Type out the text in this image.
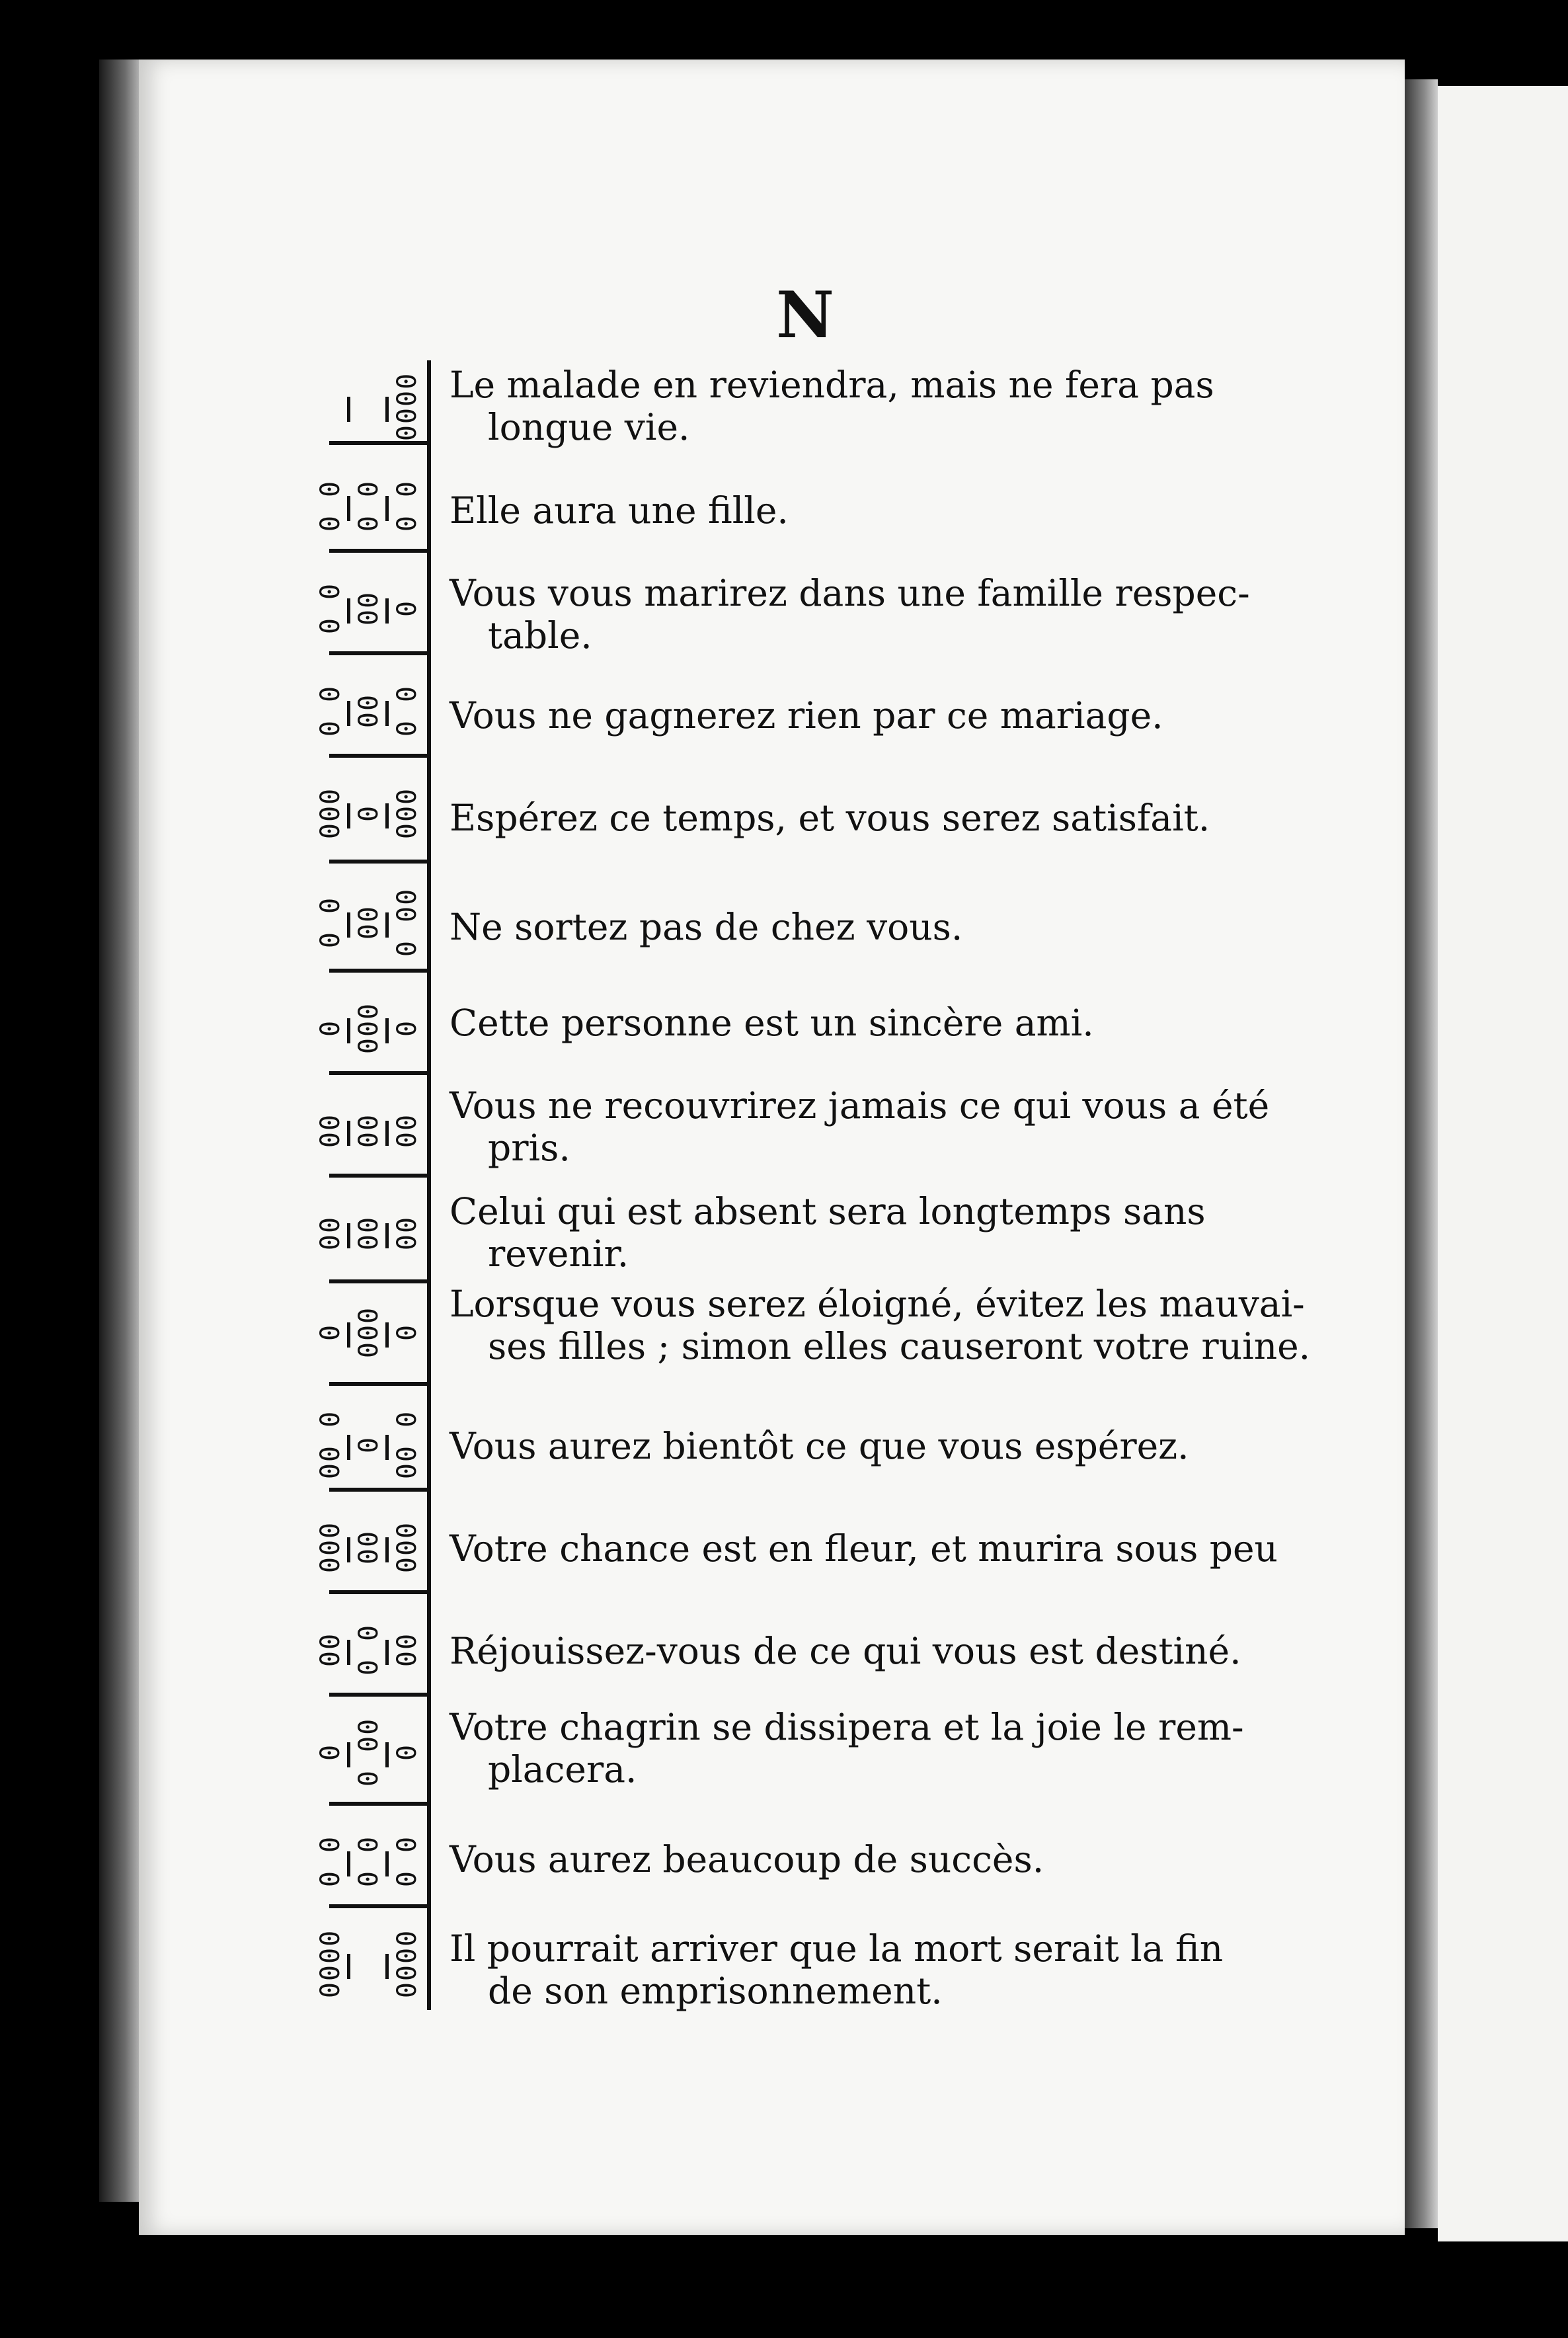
N
0000 Le malade en reviendra, mais ne fera pas
longue vie.
0 0 0 0 0 0 Elle aura une fille.
0 0 00 0 Vous vous marirez dans une famille respec-
table.
0 0 00 0 0 Vous ne gagnerez rien par ce mariage.
000 0 000 Espérez ce temps, et vous serez satisfait.
0 0 00 0 00 Ne sortez pas de chez vous.
0 000 0 Cette personne est un sincère ami.
00 00 00
Vous ne recouvrirez jamais ce qui vous a été
pris.
00 00 00
Celui qui est absent sera longtemps sans
revenir.
0 000 0
Lorsque vous serez éloigné, évitez les mauvai-
ses filles ; simon elles causeront votre ruine.
00 0 0 00 0 Vous aurez bientôt ce que vous espérez.
000 00 000 Votre chance est en fleur, et murira sous peu
00 0 0 00 Réjouissez-vous de ce qui vous est destiné.
0 0 00 0
Votre chagrin se dissipera et la joie le rem-
placera.
0 0 0 0 0 0 Vous aurez beaucoup de succès.
0000 0000 Il pourrait arriver que la mort serait la fin
de son emprisonnement.
